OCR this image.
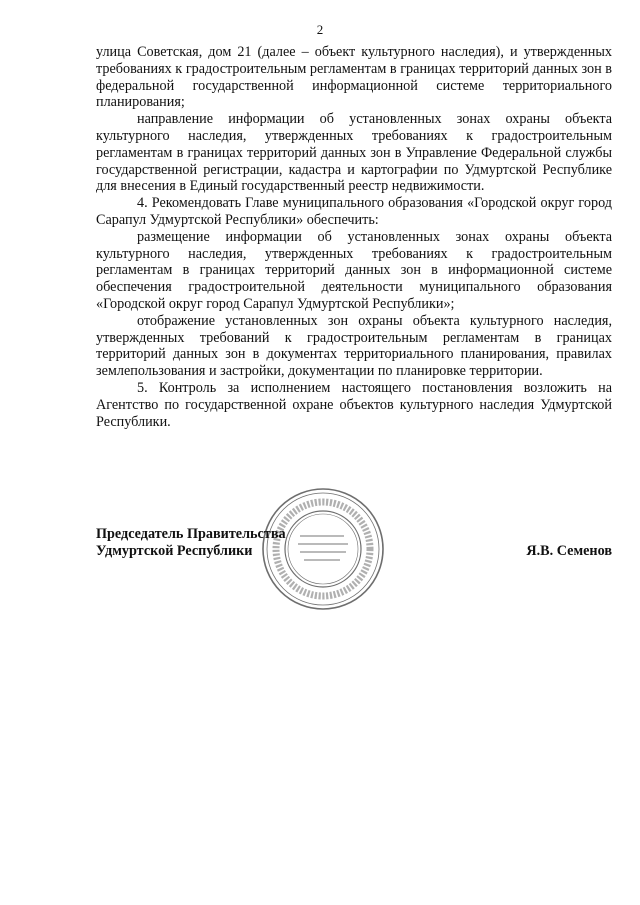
2

улица Советская, дом 21 (далее – объект культурного наследия), и утвержденных требованиях к градостроительным регламентам в границах территорий данных зон в федеральной государственной информационной системе территориального планирования;

направление информации об установленных зонах охраны объекта культурного наследия, утвержденных требованиях к градостроительным регламентам в границах территорий данных зон в Управление Федеральной службы государственной регистрации, кадастра и картографии по Удмуртской Республике для внесения в Единый государственный реестр недвижимости.

4. Рекомендовать Главе муниципального образования «Городской округ город Сарапул Удмуртской Республики» обеспечить:

размещение информации об установленных зонах охраны объекта культурного наследия, утвержденных требованиях к градостроительным регламентам в границах территорий данных зон в информационной системе обеспечения градостроительной деятельности муниципального образования «Городской округ город Сарапул Удмуртской Республики»;

отображение установленных зон охраны объекта культурного наследия, утвержденных требований к градостроительным регламентам в границах территорий данных зон в документах территориального планирования, правилах землепользования и застройки, документации по планировке территории.

5. Контроль за исполнением настоящего постановления возложить на Агентство по государственной охране объектов культурного наследия Удмуртской Республики.

Председатель Правительства
Удмуртской Республики	Я.В. Семенов
